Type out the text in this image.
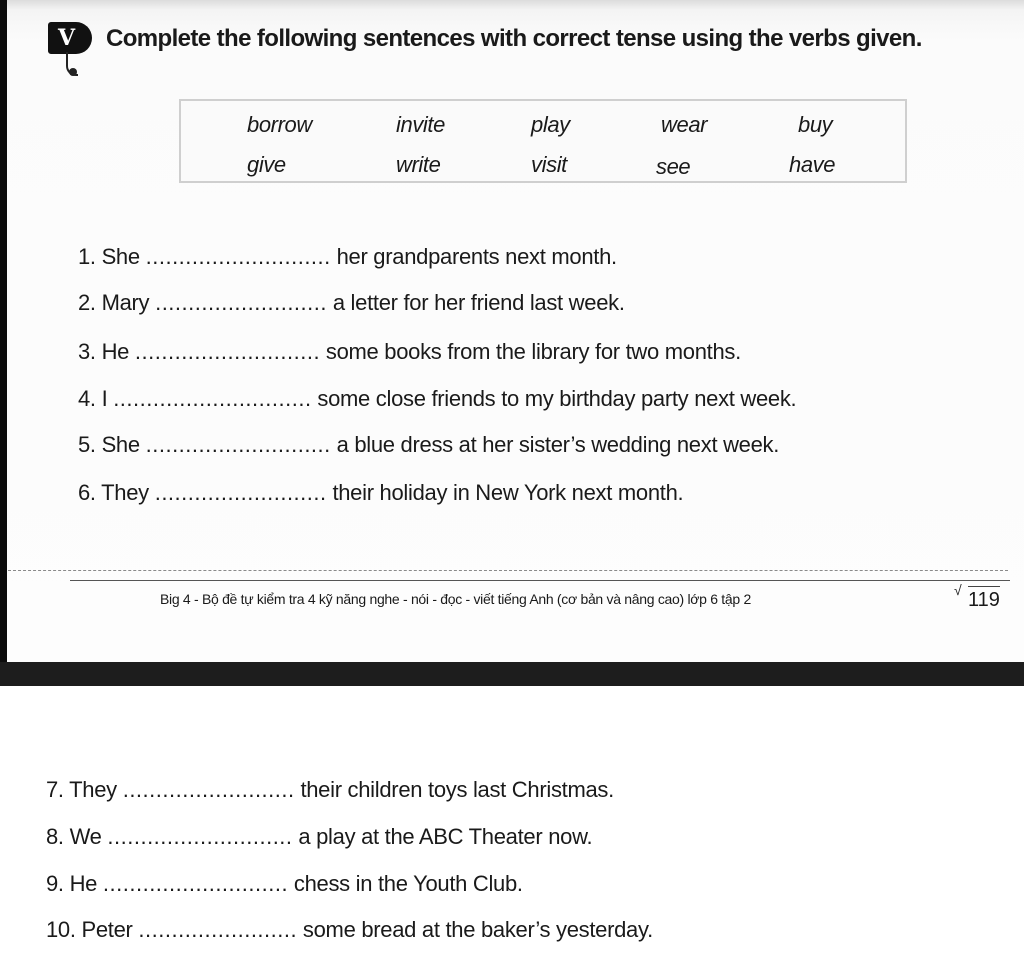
V	Complete the following sentences with correct tense using the verbs given.
borrow	invite	play	wear	buy
give	write	visit	see	have
1. She ............................ her grandparents next month.
2. Mary .......................... a letter for her friend last week.
3. He ............................ some books from the library for two months.
4. I .............................. some close friends to my birthday party next week.
5. She ............................ a blue dress at her sister’s wedding next week.
6. They .......................... their holiday in New York next month.
Big 4 - Bộ đề tự kiểm tra 4 kỹ năng nghe - nói - đọc - viết tiếng Anh (cơ bản và nâng cao) lớp 6 tập 2
√ 119
7. They .......................... their children toys last Christmas.
8. We ............................ a play at the ABC Theater now.
9. He ............................ chess in the Youth Club.
10. Peter ........................ some bread at the baker’s yesterday.
